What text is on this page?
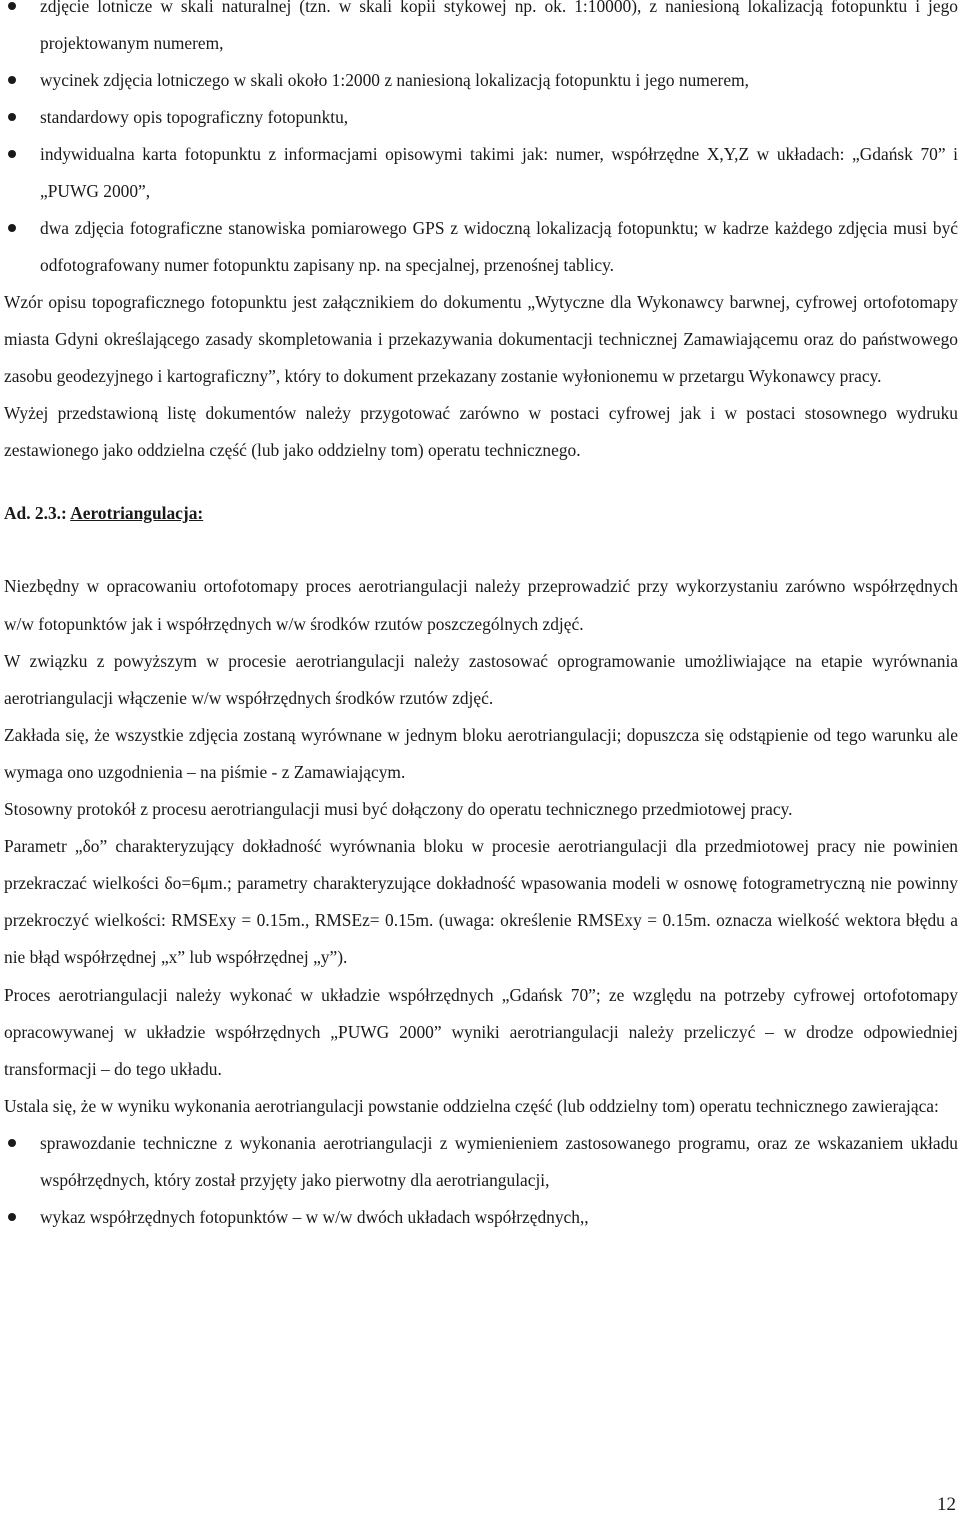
zdjęcie lotnicze w skali naturalnej (tzn. w skali kopii stykowej np. ok. 1:10000), z naniesioną lokalizacją fotopunktu i jego projektowanym numerem,
wycinek zdjęcia lotniczego w skali około 1:2000 z naniesioną lokalizacją fotopunktu i jego numerem,
standardowy opis topograficzny fotopunktu,
indywidualna karta fotopunktu z informacjami opisowymi takimi jak: numer, współrzędne X,Y,Z w układach: „Gdańsk 70” i „PUWG 2000”,
dwa zdjęcia fotograficzne stanowiska pomiarowego GPS z widoczną lokalizacją fotopunktu; w kadrze każdego zdjęcia musi być odfotografowany numer fotopunktu zapisany np. na specjalnej, przenośnej tablicy.

Wzór opisu topograficznego fotopunktu jest załącznikiem do dokumentu „Wytyczne dla Wykonawcy barwnej, cyfrowej ortofotomapy miasta Gdyni określającego zasady skompletowania i przekazywania dokumentacji technicznej Zamawiającemu oraz do państwowego zasobu geodezyjnego i kartograficzny”, który to dokument przekazany zostanie wyłonionemu w przetargu Wykonawcy pracy.

Wyżej przedstawioną listę dokumentów należy przygotować zarówno w postaci cyfrowej jak i w postaci stosownego wydruku zestawionego jako oddzielna część (lub jako oddzielny tom) operatu technicznego.

Ad. 2.3.: Aerotriangulacja:

Niezbędny w opracowaniu ortofotomapy proces aerotriangulacji należy przeprowadzić przy wykorzystaniu zarówno współrzędnych w/w fotopunktów jak i współrzędnych w/w środków rzutów poszczególnych zdjęć.

W związku z powyższym w procesie aerotriangulacji należy zastosować oprogramowanie umożliwiające na etapie wyrównania aerotriangulacji włączenie w/w współrzędnych środków rzutów zdjęć.

Zakłada się, że wszystkie zdjęcia zostaną wyrównane w jednym bloku aerotriangulacji; dopuszcza się odstąpienie od tego warunku ale wymaga ono uzgodnienia – na piśmie - z Zamawiającym.

Stosowny protokół z procesu aerotriangulacji musi być dołączony do operatu technicznego przedmiotowej pracy.

Parametr „δo” charakteryzujący dokładność wyrównania bloku w procesie aerotriangulacji dla przedmiotowej pracy nie powinien przekraczać wielkości δo=6μm.; parametry charakteryzujące dokładność wpasowania modeli w osnowę fotogrametryczną nie powinny przekroczyć wielkości: RMSExy = 0.15m., RMSEz= 0.15m. (uwaga: określenie RMSExy = 0.15m. oznacza wielkość wektora błędu a nie błąd współrzędnej „x” lub współrzędnej „y”).

Proces aerotriangulacji należy wykonać w układzie współrzędnych „Gdańsk 70”; ze względu na potrzeby cyfrowej ortofotomapy opracowywanej w układzie współrzędnych „PUWG 2000” wyniki aerotriangulacji należy przeliczyć – w drodze odpowiedniej transformacji – do tego układu.

Ustala się, że w wyniku wykonania aerotriangulacji powstanie oddzielna część (lub oddzielny tom) operatu technicznego zawierająca:

sprawozdanie techniczne z wykonania aerotriangulacji z wymienieniem zastosowanego programu, oraz ze wskazaniem układu współrzędnych, który został przyjęty jako pierwotny dla aerotriangulacji,
wykaz współrzędnych fotopunktów – w w/w dwóch układach współrzędnych,,
12
